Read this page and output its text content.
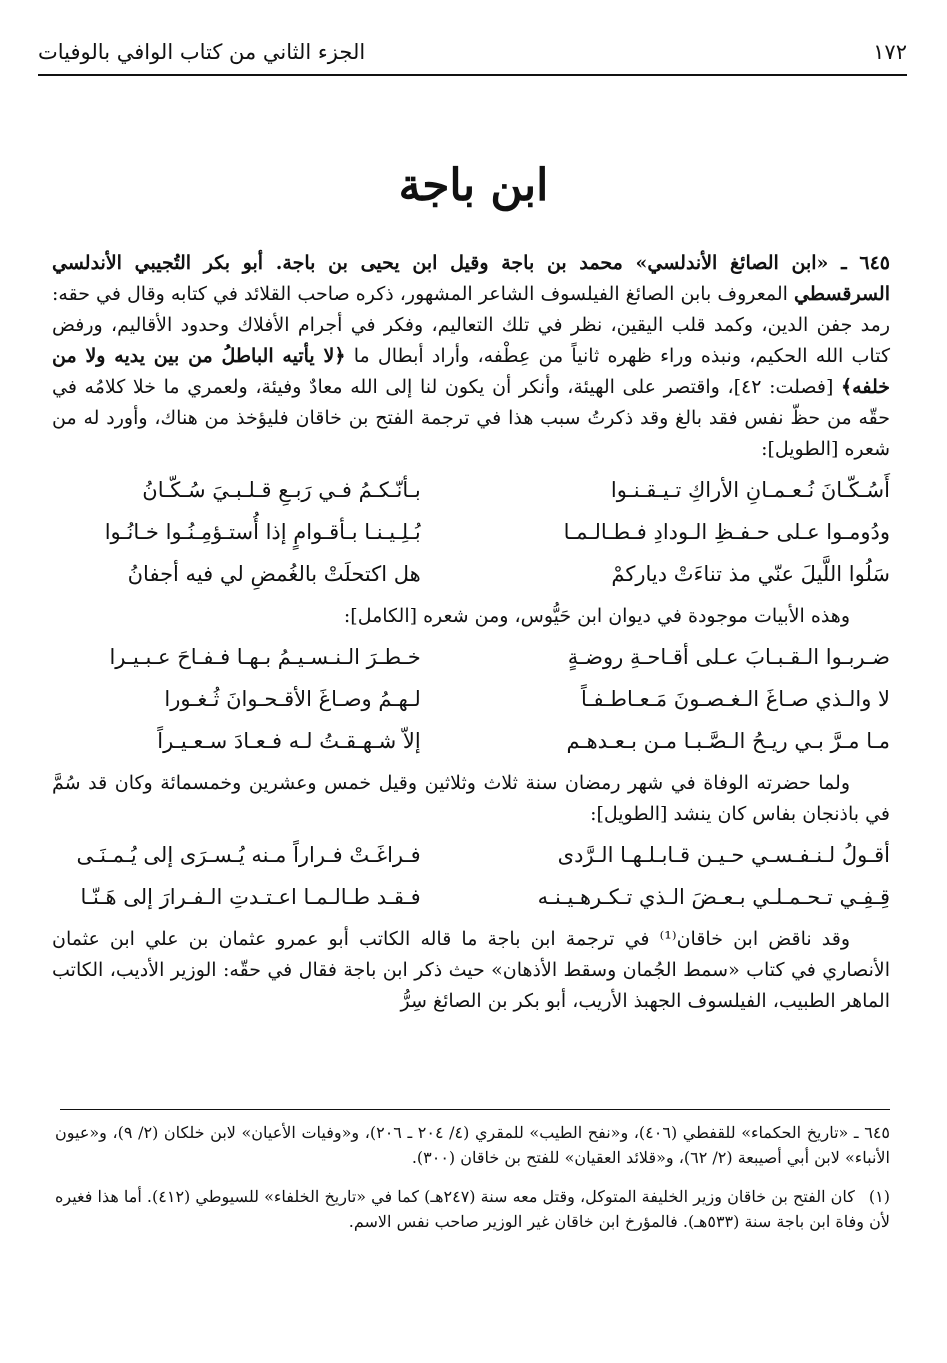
١٧٢
الجزء الثاني من كتاب الوافي بالوفيات
ابن باجة

٦٤٥ ـ «ابن الصائغ الأندلسي» محمد بن باجة وقيل ابن يحيى بن باجة. أبو بكر التُجيبي الأندلسي السرقسطي المعروف بابن الصائغ الفيلسوف الشاعر المشهور، ذكره صاحب القلائد في كتابه وقال في حقه: رمد جفن الدين، وكمد قلب اليقين، نظر في تلك التعاليم، وفكر في أجرام الأفلاك وحدود الأقاليم، ورفض كتاب الله الحكيم، ونبذه وراء ظهره ثانياً من عِطْفه، وأراد أبطال ما ﴿لا يأتيه الباطلُ من بين يديه ولا من خلفه﴾ [فصلت: ٤٢]، واقتصر على الهيئة، وأنكر أن يكون لنا إلى الله معادٌ وفيئة، ولعمري ما خلا كلامُه في حقّه من حظّ نفس فقد بالغ وقد ذكرتُ سبب هذا في ترجمة الفتح بن خاقان فليؤخذ من هناك، وأورد له من شعره [الطويل]:

أَسُـكّـانَ نُـعـمـانِ الأراكِ تـيـقـنـوا
بـأنّـكـمُ فـي رَبـعِ قـلـبـيَ سُـكّـانُ
ودُومـوا عـلى حـفـظِ الـودادِ فـطـالـمـا
بُـلِـيـنـا بـأقـوامٍ إذا أُستـؤمِـنُـوا خـانُـوا
سَلُوا اللَّيلَ عنّي مذ تناءَتْ دياركمْ
هل اكتحلَتْ بالغُمضِ لي فيه أجفانُ

وهذه الأبيات موجودة في ديوان ابن حَيُّوس، ومن شعره [الكامل]:

ضـربـوا الـقـبـابَ عـلى أقـاحـةِ روضـةٍ
خـطـرَ الـنـسـيـمُ بـهـا فـفـاحَ عـبـيـرا
لا والـذي صـاغَ الـغـصـونَ مَـعـاطـفـاً
لـهـمُ وصـاغَ الأقـحـوانَ ثُـغـورا
مـا مـرَّ بـي ريـحُ الـصَّـبـا مـن بـعـدهـم
إلاّ شـهـقـتُ لـه فـعـادَ سـعـيـراً

ولما حضرته الوفاة في شهر رمضان سنة ثلاث وثلاثين وقيل خمس وعشرين وخمسمائة وكان قد سُمَّ في باذنجان بفاس كان ينشد [الطويل]:

أقـولُ لـنـفـسـي حـيـن قـابـلـهـا الـرَّدى
فـراغَـتْ فـراراً مـنه يُـسـرَى إلى يُـمـنَـى
قِـفِـي تـحـمـلـي بـعـضَ الـذي تـكـرهـيـنـه
فـقـد طـالـمـا اعـتـدتِ الـفـرارَ إلى هَـنّـا

وقد ناقض ابن خاقان⁽¹⁾ في ترجمة ابن باجة ما قاله الكاتب أبو عمرو عثمان بن علي ابن عثمان الأنصاري في كتاب «سمط الجُمان وسقط الأذهان» حيث ذكر ابن باجة فقال في حقّه: الوزير الأديب، الكاتب الماهر الطبيب، الفيلسوف الجهبذ الأريب، أبو بكر بن الصائغ سِرُّ

٦٤٥ ـ «تاريخ الحكماء» للقفطي (٤٠٦)، و«نفح الطيب» للمقري (٤/ ٢٠٤ ـ ٢٠٦)، و«وفيات الأعيان» لابن خلكان (٢/ ٩)، و«عيون الأنباء» لابن أبي أصيبعة (٢/ ٦٢)، و«قلائد العقيان» للفتح بن خاقان (٣٠٠).

(١) كان الفتح بن خاقان وزير الخليفة المتوكل، وقتل معه سنة (٢٤٧هـ) كما في «تاريخ الخلفاء» للسيوطي (٤١٢). أما هذا فغيره لأن وفاة ابن باجة سنة (٥٣٣هـ). فالمؤرخ ابن خاقان غير الوزير صاحب نفس الاسم.
